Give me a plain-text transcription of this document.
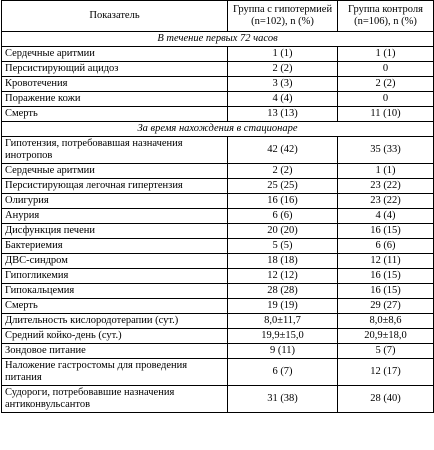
Показатель	Группа с гипотермией (n=102), n (%)	Группа контроля (n=106), n (%)
В течение первых 72 часов		
Сердечные аритмии	1 (1)	1 (1)
Персистирующий ацидоз	2 (2)	0
Кровотечения	3 (3)	2 (2)
Поражение кожи	4 (4)	0
Смерть	13 (13)	11 (10)
За время нахождения в стационаре		
Гипотензия, потребовавшая назначения инотропов	42 (42)	35 (33)
Сердечные аритмии	2 (2)	1 (1)
Персистирующая легочная гипертензия	25 (25)	23 (22)
Олигурия	16 (16)	23 (22)
Анурия	6 (6)	4 (4)
Дисфункция печени	20 (20)	16 (15)
Бактериемия	5 (5)	6 (6)
ДВС-синдром	18 (18)	12 (11)
Гипогликемия	12 (12)	16 (15)
Гипокальцемия	28 (28)	16 (15)
Смерть	19 (19)	29 (27)
Длительность кислородотерапии (сут.)	8,0±11,7	8,0±8,6
Средний койко-день (сут.)	19,9±15,0	20,9±18,0
Зондовое питание	9 (11)	5 (7)
Наложение гастростомы для проведения питания	6 (7)	12 (17)
Судороги, потребовавшие назначения антиконвульсантов	31 (38)	28 (40)
